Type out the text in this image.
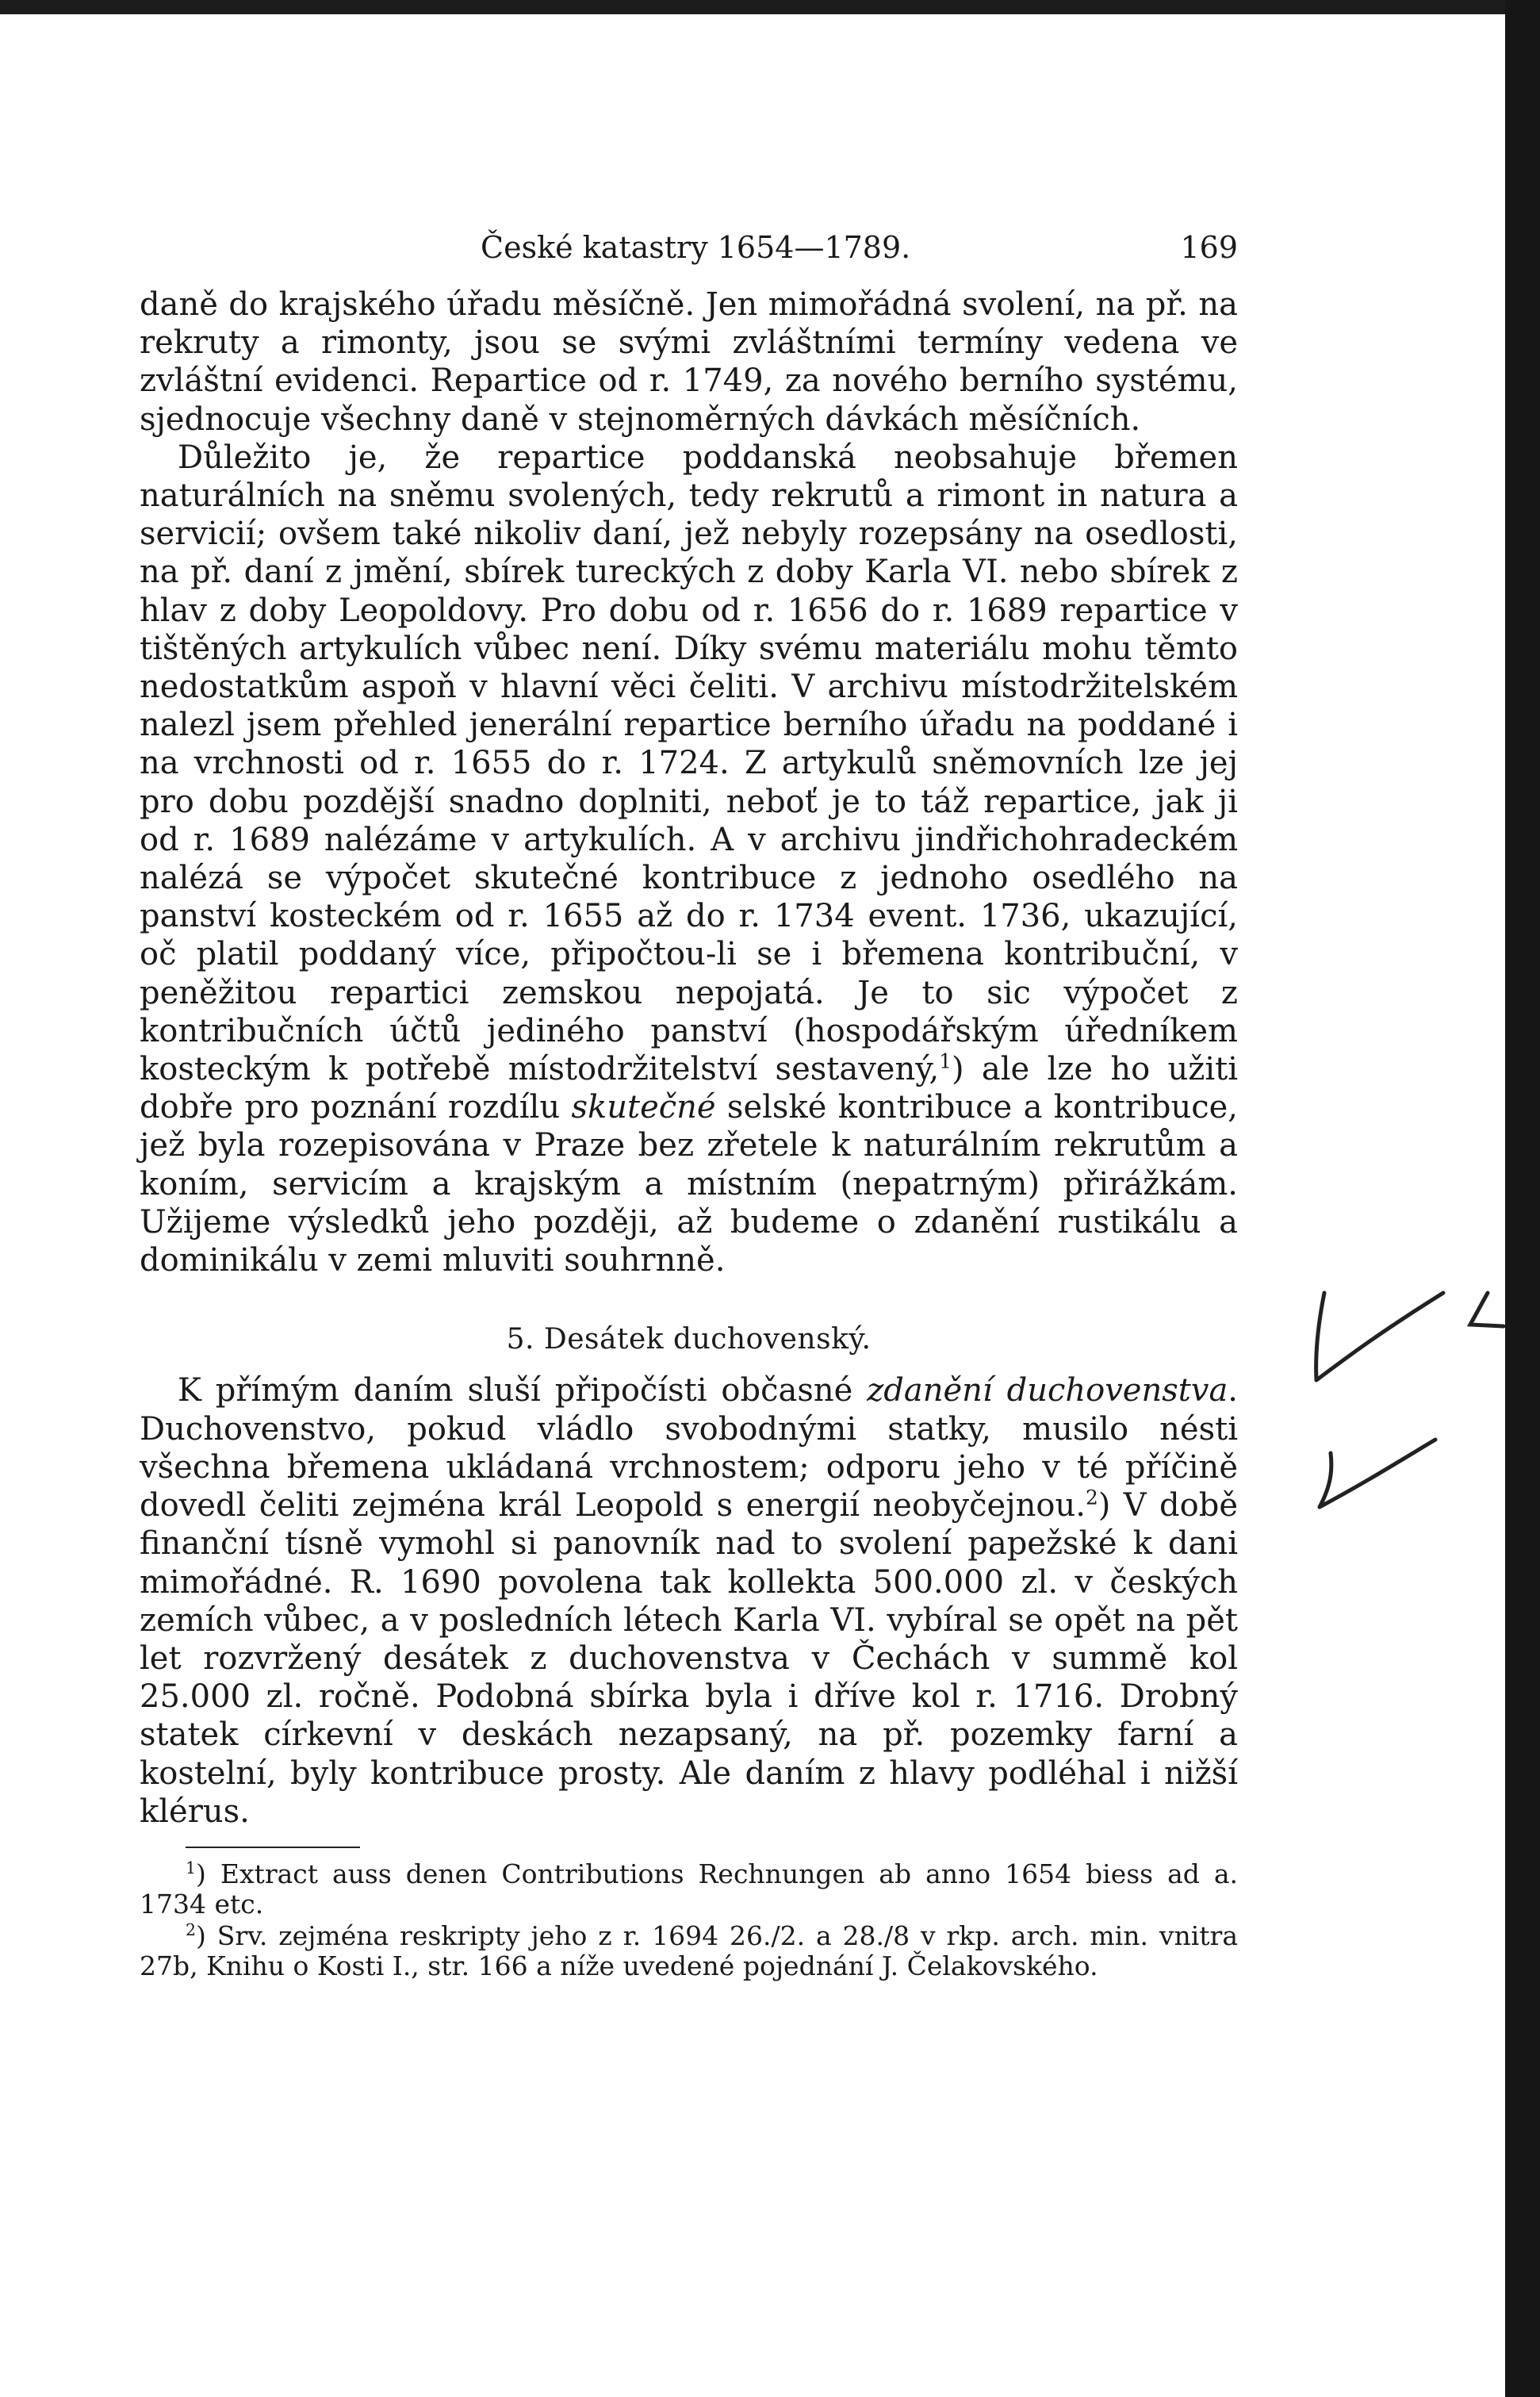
České katastry 1654—1789.	169

daně do krajského úřadu měsíčně. Jen mimořádná svolení, na př. na rekruty a rimonty, jsou se svými zvláštními termíny vedena ve zvláštní evidenci. Repartice od r. 1749, za nového berního systému, sjednocuje všechny daně v stejnoměrných dávkách měsíčních.

Důležito je, že repartice poddanská neobsahuje břemen naturálních na sněmu svolených, tedy rekrutů a rimont in natura a servicií; ovšem také nikoliv daní, jež nebyly rozepsány na osedlosti, na př. daní z jmění, sbírek tureckých z doby Karla VI. nebo sbírek z hlav z doby Leopoldovy. Pro dobu od r. 1656 do r. 1689 repartice v tištěných artykulích vůbec není. Díky svému materiálu mohu těmto nedostatkům aspoň v hlavní věci čeliti. V archivu místodržitelském nalezl jsem přehled jenerální repartice berního úřadu na poddané i na vrchnosti od r. 1655 do r. 1724. Z artykulů sněmovních lze jej pro dobu pozdější snadno doplniti, neboť je to táž repartice, jak ji od r. 1689 nalézáme v artykulích. A v archivu jindřichohradeckém nalézá se výpočet skutečné kontribuce z jednoho osedlého na panství kosteckém od r. 1655 až do r. 1734 event. 1736, ukazující, oč platil poddaný více, připočtou-li se i břemena kontribuční, v peněžitou repartici zemskou nepojatá. Je to sic výpočet z kontribučních účtů jediného panství (hospodářským úředníkem kosteckým k potřebě místodržitelství sestavený,$^1$) ale lze ho užiti dobře pro poznání rozdílu skutečné selské kontribuce a kontribuce, jež byla rozepisována v Praze bez zřetele k naturálním rekrutům a koním, servicím a krajským a místním (nepatrným) přirážkám. Užijeme výsledků jeho později, až budeme o zdanění rustikálu a dominikálu v zemi mluviti souhrnně.

5. Desátek duchovenský.

K přímým daním sluší připočísti občasné zdanění duchovenstva. Duchovenstvo, pokud vládlo svobodnými statky, musilo nésti všechna břemena ukládaná vrchnostem; odporu jeho v té příčině dovedl čeliti zejména král Leopold s energií neobyčejnou.$^2$) V době finanční tísně vymohl si panovník nad to svolení papežské k dani mimořádné. R. 1690 povolena tak kollekta 500.000 zl. v českých zemích vůbec, a v posledních létech Karla VI. vybíral se opět na pět let rozvržený desátek z duchovenstva v Čechách v summě kol 25.000 zl. ročně. Podobná sbírka byla i dříve kol r. 1716. Drobný statek církevní v deskách nezapsaný, na př. pozemky farní a kostelní, byly kontribuce prosty. Ale daním z hlavy podléhal i nižší klérus.

$^1$) Extract auss denen Contributions Rechnungen ab anno 1654 biess ad a. 1734 etc.

$^2$) Srv. zejména reskripty jeho z r. 1694 26./2. a 28./8 v rkp. arch. min. vnitra 27b, Knihu o Kosti I., str. 166 a níže uvedené pojednání J. Čelakovského.
